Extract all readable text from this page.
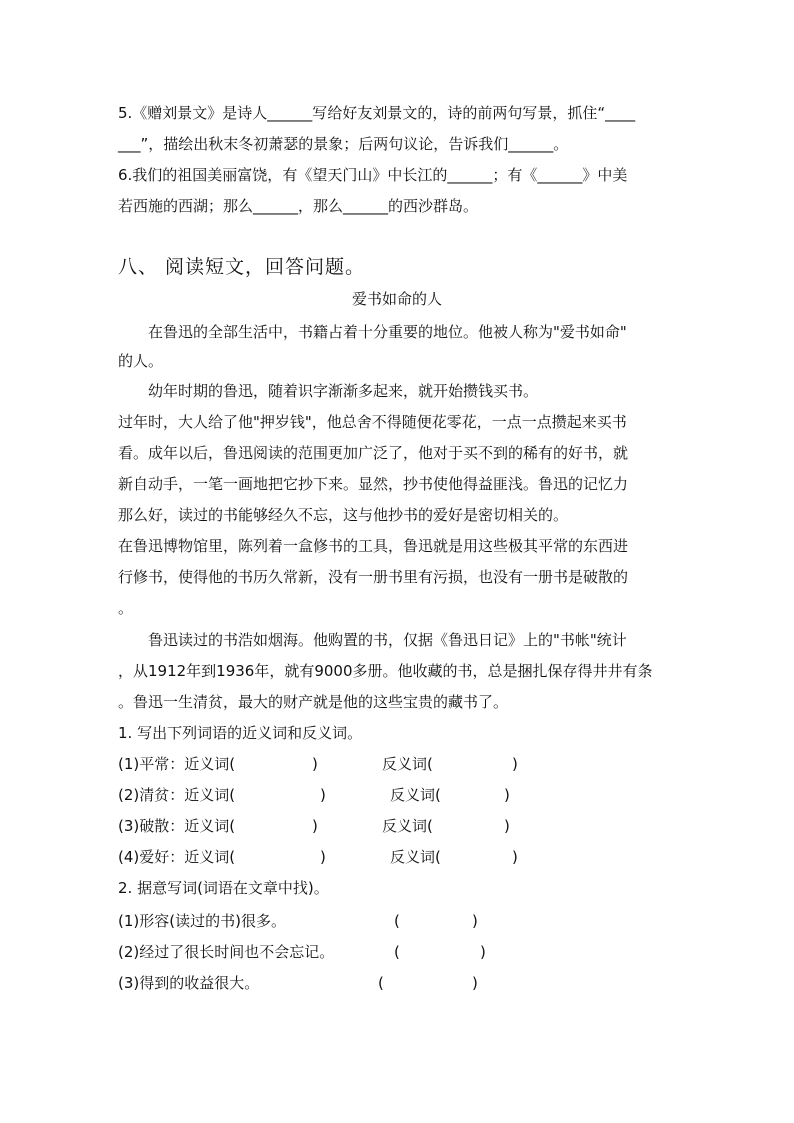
5.《赠刘景文》是诗人______写给好友刘景文的，诗的前两句写景，抓住“____
___”，描绘出秋末冬初萧瑟的景象；后两句议论，告诉我们______。
6.我们的祖国美丽富饶，有《望天门山》中长江的______；有《______》中美
若西施的西湖；那么______，那么______的西沙群岛。
八、 阅读短文，回答问题。
爱书如命的人
在鲁迅的全部生活中，书籍占着十分重要的地位。他被人称为"爱书如命"
的人。
幼年时期的鲁迅，随着识字渐渐多起来，就开始攒钱买书。
过年时，大人给了他"押岁钱"，他总舍不得随便花零花，一点一点攒起来买书
看。成年以后，鲁迅阅读的范围更加广泛了，他对于买不到的稀有的好书，就
新自动手，一笔一画地把它抄下来。显然，抄书使他得益匪浅。鲁迅的记忆力
那么好，读过的书能够经久不忘，这与他抄书的爱好是密切相关的。
在鲁迅博物馆里，陈列着一盒修书的工具，鲁迅就是用这些极其平常的东西进
行修书，使得他的书历久常新，没有一册书里有污损，也没有一册书是破散的
。
鲁迅读过的书浩如烟海。他购置的书，仅据《鲁迅日记》上的"书帐"统计
，从1912年到1936年，就有9000多册。他收藏的书，总是捆扎保存得井井有条
。鲁迅一生清贫，最大的财产就是他的这些宝贵的藏书了。
1. 写出下列词语的近义词和反义词。
(1)平常：近义词(	)	反义词(	)
(2)清贫：近义词(	)	反义词(	)
(3)破散：近义词(	)	反义词(	)
(4)爱好：近义词(	)	反义词(	)
2. 据意写词(词语在文章中找)。
(1)形容(读过的书)很多。	(	)
(2)经过了很长时间也不会忘记。	(	)
(3)得到的收益很大。	(	)
